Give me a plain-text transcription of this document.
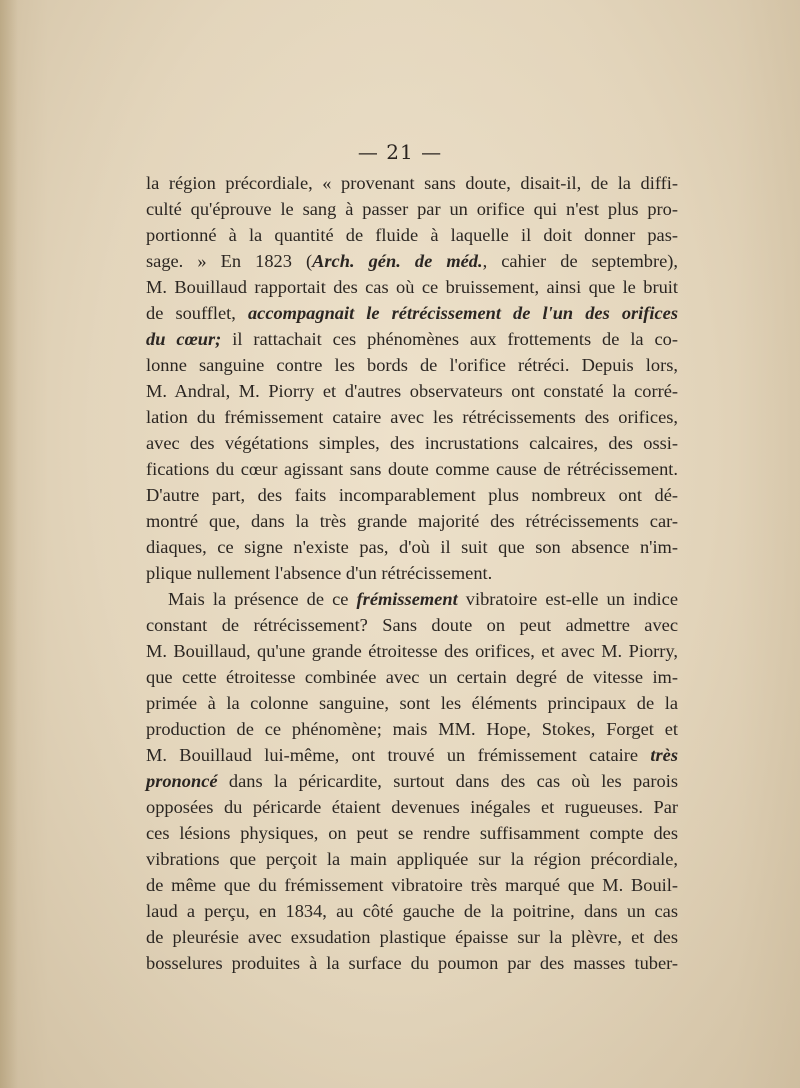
— 21 —
la région précordiale, « provenant sans doute, disait-il, de la diffi-
culté qu'éprouve le sang à passer par un orifice qui n'est plus pro-
portionné à la quantité de fluide à laquelle il doit donner pas-
sage. » En 1823 (Arch. gén. de méd., cahier de septembre),
M. Bouillaud rapportait des cas où ce bruissement, ainsi que le bruit
de soufflet, accompagnait le rétrécissement de l'un des orifices
du cœur; il rattachait ces phénomènes aux frottements de la co-
lonne sanguine contre les bords de l'orifice rétréci. Depuis lors,
M. Andral, M. Piorry et d'autres observateurs ont constaté la corré-
lation du frémissement cataire avec les rétrécissements des orifices,
avec des végétations simples, des incrustations calcaires, des ossi-
fications du cœur agissant sans doute comme cause de rétrécissement.
D'autre part, des faits incomparablement plus nombreux ont dé-
montré que, dans la très grande majorité des rétrécissements car-
diaques, ce signe n'existe pas, d'où il suit que son absence n'im-
plique nullement l'absence d'un rétrécissement.
Mais la présence de ce frémissement vibratoire est-elle un indice
constant de rétrécissement? Sans doute on peut admettre avec
M. Bouillaud, qu'une grande étroitesse des orifices, et avec M. Piorry,
que cette étroitesse combinée avec un certain degré de vitesse im-
primée à la colonne sanguine, sont les éléments principaux de la
production de ce phénomène; mais MM. Hope, Stokes, Forget et
M. Bouillaud lui-même, ont trouvé un frémissement cataire très
prononcé dans la péricardite, surtout dans des cas où les parois
opposées du péricarde étaient devenues inégales et rugueuses. Par
ces lésions physiques, on peut se rendre suffisamment compte des
vibrations que perçoit la main appliquée sur la région précordiale,
de même que du frémissement vibratoire très marqué que M. Bouil-
laud a perçu, en 1834, au côté gauche de la poitrine, dans un cas
de pleurésie avec exsudation plastique épaisse sur la plèvre, et des
bosselures produites à la surface du poumon par des masses tuber-
